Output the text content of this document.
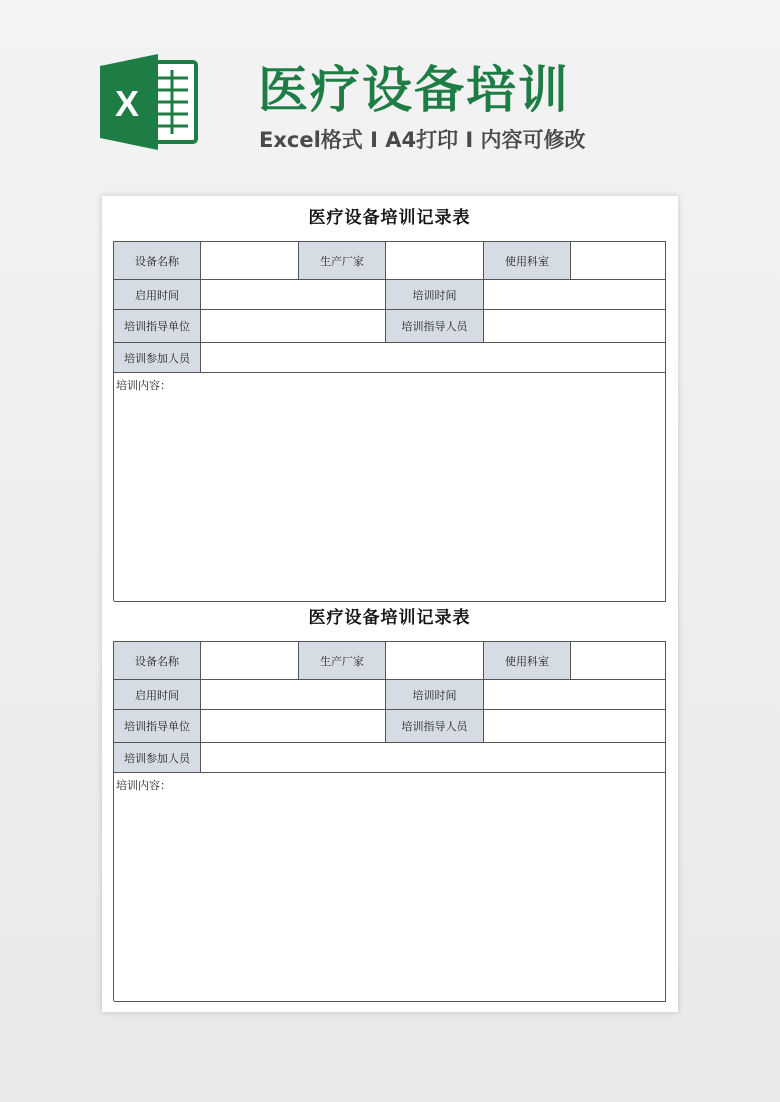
X 医疗设备培训
Excel格式 I A4打印 I 内容可修改
医疗设备培训记录表
设备名称	生产厂家	使用科室
启用时间	培训时间
培训指导单位	培训指导人员
培训参加人员
培训内容：
医疗设备培训记录表
设备名称	生产厂家	使用科室
启用时间	培训时间
培训指导单位	培训指导人员
培训参加人员
培训内容：
